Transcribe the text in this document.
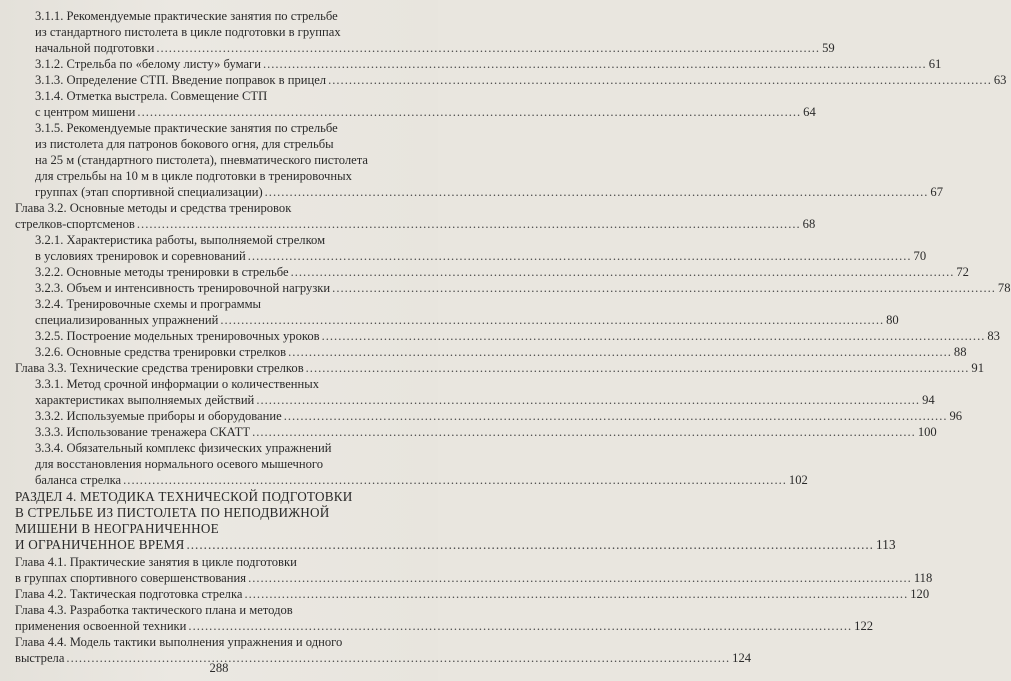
3.1.1. Рекомендуемые практические занятия по стрельбе
из стандартного пистолета в цикле подготовки в группах
начальной подготовки ................................................................................................................................................................ 59
3.1.2. Стрельба по «белому листу» бумаги ................................................................................................................................................................ 61
3.1.3. Определение СТП. Введение поправок в прицел ................................................................................................................................................................ 63
3.1.4. Отметка выстрела. Совмещение СТП
с центром мишени ................................................................................................................................................................ 64
3.1.5. Рекомендуемые практические занятия по стрельбе
из пистолета для патронов бокового огня, для стрельбы
на 25 м (стандартного пистолета), пневматического пистолета
для стрельбы на 10 м в цикле подготовки в тренировочных
группах (этап спортивной специализации) ................................................................................................................................................................ 67
Глава 3.2. Основные методы и средства тренировок
стрелков-спортсменов ................................................................................................................................................................ 68
3.2.1. Характеристика работы, выполняемой стрелком
в условиях тренировок и соревнований ................................................................................................................................................................ 70
3.2.2. Основные методы тренировки в стрельбе ................................................................................................................................................................ 72
3.2.3. Объем и интенсивность тренировочной нагрузки ................................................................................................................................................................ 78
3.2.4. Тренировочные схемы и программы
специализированных упражнений ................................................................................................................................................................ 80
3.2.5. Построение модельных тренировочных уроков ................................................................................................................................................................ 83
3.2.6. Основные средства тренировки стрелков ................................................................................................................................................................ 88
Глава 3.3. Технические средства тренировки стрелков ................................................................................................................................................................ 91
3.3.1. Метод срочной информации о количественных
характеристиках выполняемых действий ................................................................................................................................................................ 94
3.3.2. Используемые приборы и оборудование ................................................................................................................................................................ 96
3.3.3. Использование тренажера СКАТТ ................................................................................................................................................................ 100
3.3.4. Обязательный комплекс физических упражнений
для восстановления нормального осевого мышечного
баланса стрелка ................................................................................................................................................................ 102
РАЗДЕЛ 4. МЕТОДИКА ТЕХНИЧЕСКОЙ ПОДГОТОВКИ
В СТРЕЛЬБЕ ИЗ ПИСТОЛЕТА ПО НЕПОДВИЖНОЙ
МИШЕНИ В НЕОГРАНИЧЕННОЕ
И ОГРАНИЧЕННОЕ ВРЕМЯ ................................................................................................................................................................ 113
Глава 4.1. Практические занятия в цикле подготовки
в группах спортивного совершенствования ................................................................................................................................................................ 118
Глава 4.2. Тактическая подготовка стрелка ................................................................................................................................................................ 120
Глава 4.3. Разработка тактического плана и методов
применения освоенной техники ................................................................................................................................................................ 122
Глава 4.4. Модель тактики выполнения упражнения и одного
выстрела ................................................................................................................................................................ 124
288
